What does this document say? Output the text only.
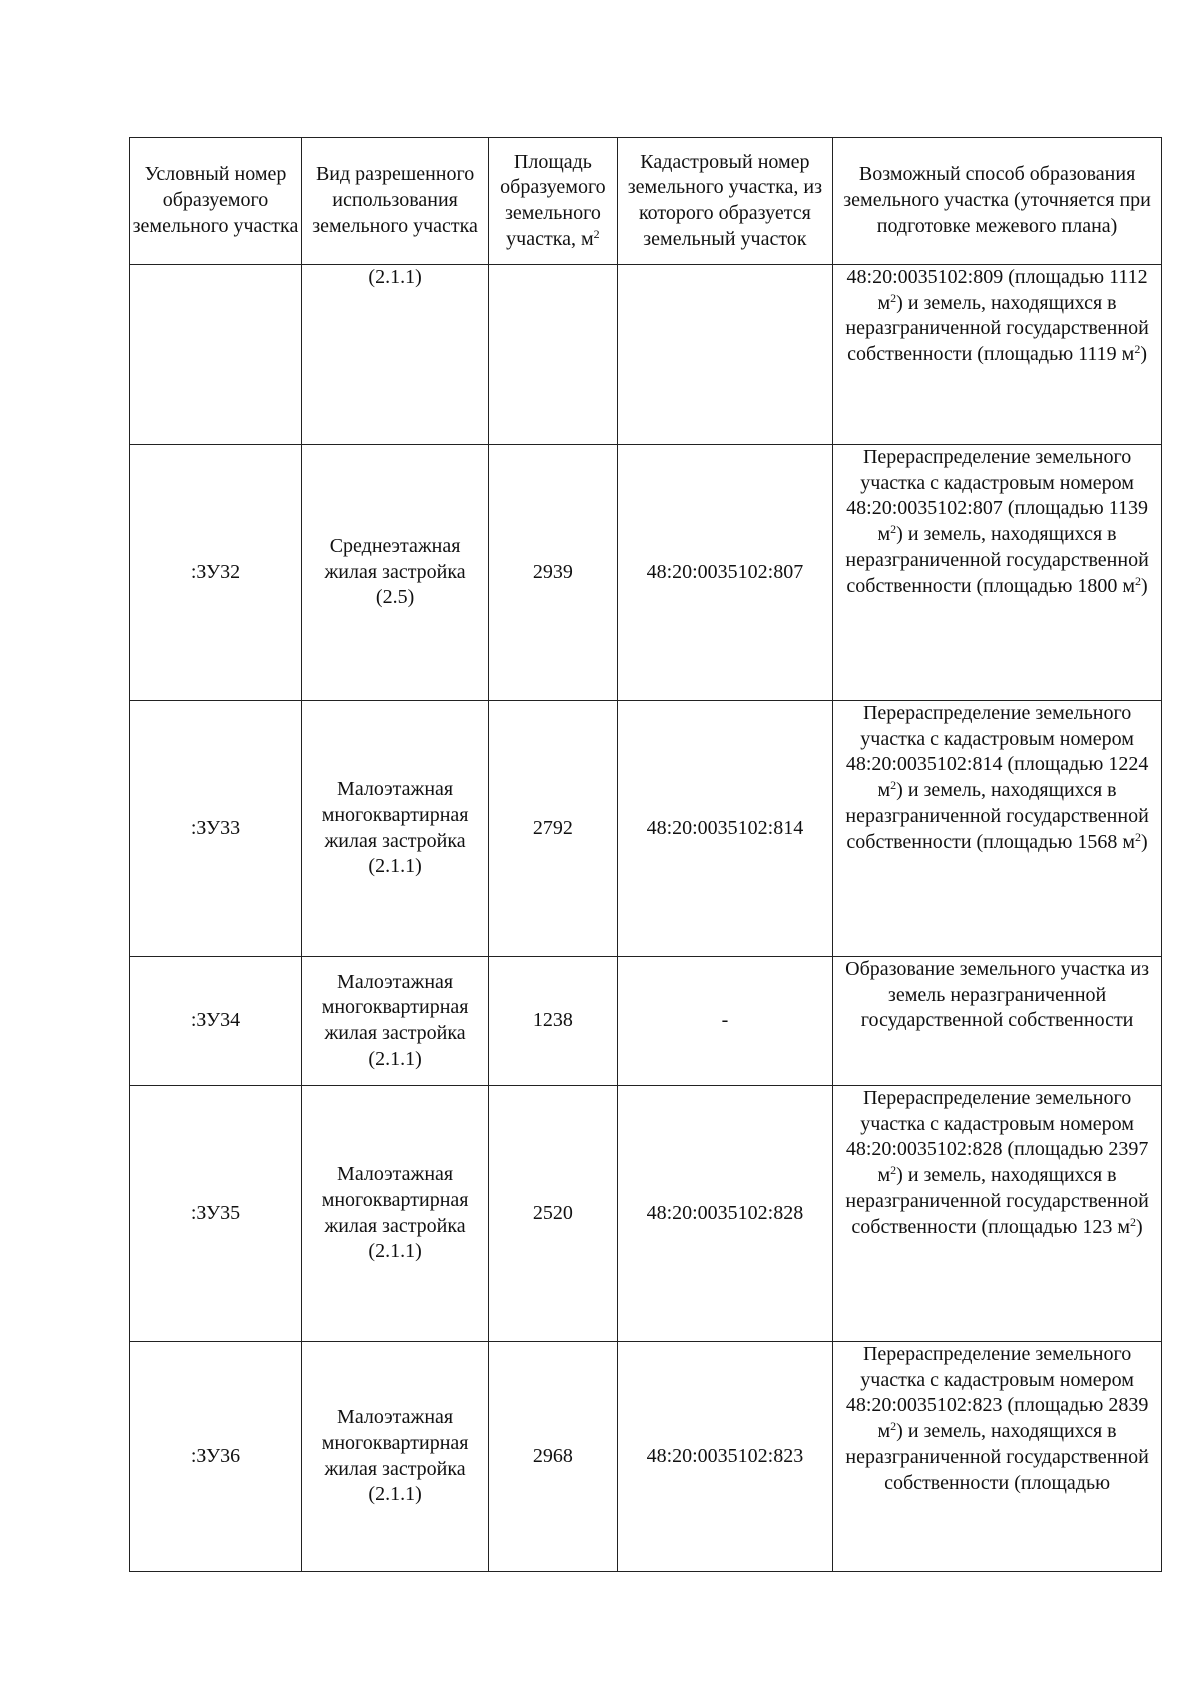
Условный номер образуемого земельного участка	Вид разрешенного использования земельного участка	Площадь образуемого земельного участка, $м^2$	Кадастровый номер земельного участка, из которого образуется земельный участок	Возможный способ образования земельного участка (уточняется при подготовке межевого плана)
	(2.1.1)			48:20:0035102:809 (площадью 1112 $м^2$) и земель, находящихся в неразграниченной государственной собственности (площадью 1119 $м^2$)
:ЗУ32	Среднеэтажная жилая застройка (2.5)	2939	48:20:0035102:807	Перераспределение земельного участка с кадастровым номером 48:20:0035102:807 (площадью 1139 $м^2$) и земель, находящихся в неразграниченной государственной собственности (площадью 1800 $м^2$)
:ЗУ33	Малоэтажная многоквартирная жилая застройка (2.1.1)	2792	48:20:0035102:814	Перераспределение земельного участка с кадастровым номером 48:20:0035102:814 (площадью 1224 $м^2$) и земель, находящихся в неразграниченной государственной собственности (площадью 1568 $м^2$)
:ЗУ34	Малоэтажная многоквартирная жилая застройка (2.1.1)	1238	-	Образование земельного участка из земель неразграниченной государственной собственности
:ЗУ35	Малоэтажная многоквартирная жилая застройка (2.1.1)	2520	48:20:0035102:828	Перераспределение земельного участка с кадастровым номером 48:20:0035102:828 (площадью 2397 $м^2$) и земель, находящихся в неразграниченной государственной собственности (площадью 123 $м^2$)
:ЗУ36	Малоэтажная многоквартирная жилая застройка (2.1.1)	2968	48:20:0035102:823	Перераспределение земельного участка с кадастровым номером 48:20:0035102:823 (площадью 2839 $м^2$) и земель, находящихся в неразграниченной государственной собственности (площадью
